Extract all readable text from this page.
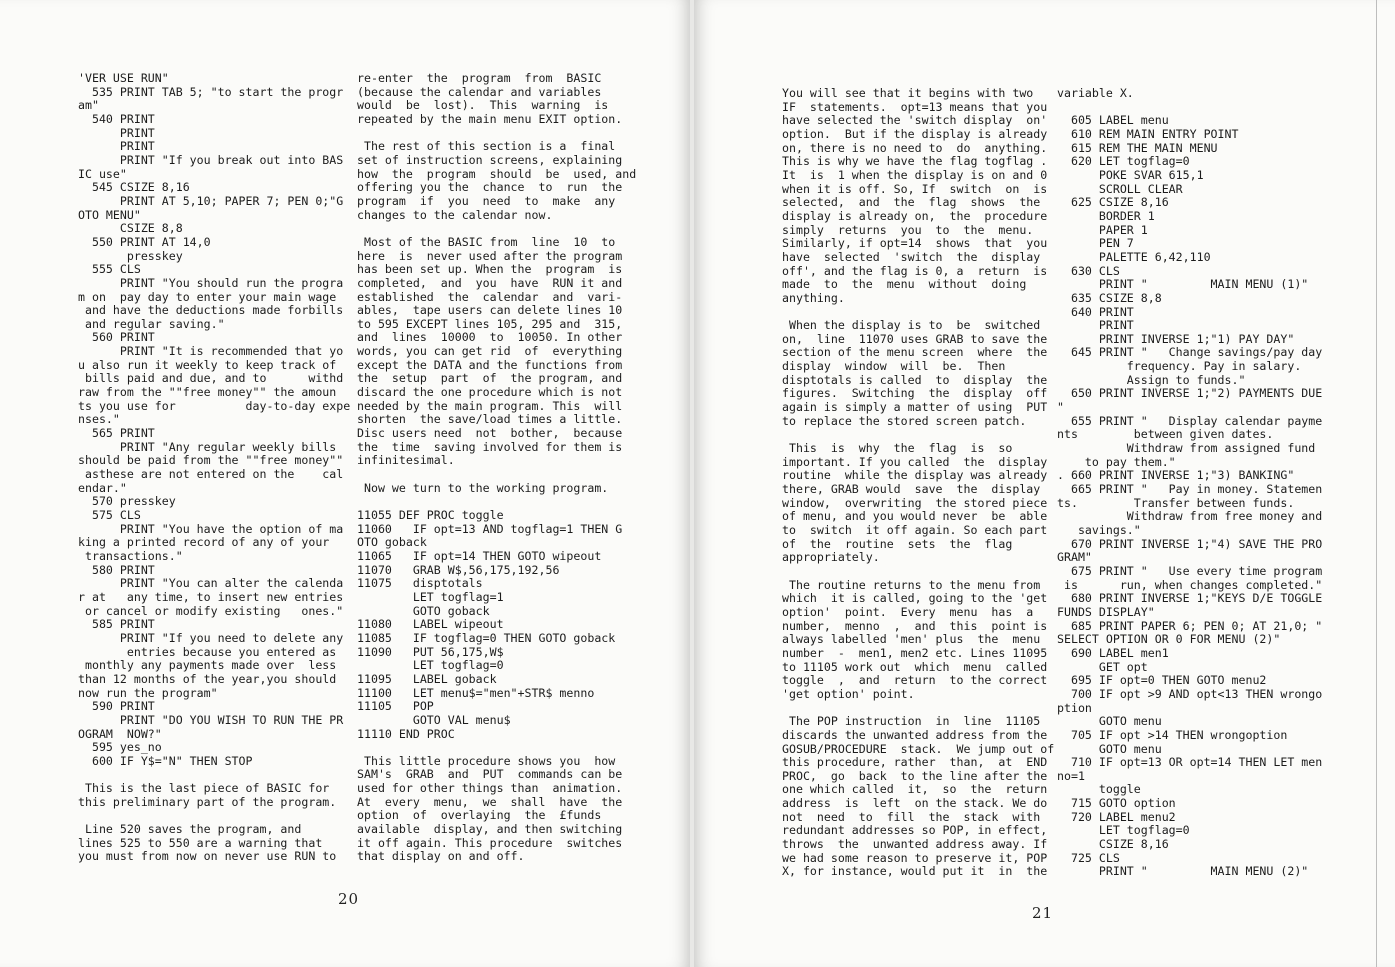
'VER USE RUN"
535 PRINT TAB 5; "to start the progr
am"
540 PRINT
PRINT
PRINT
PRINT "If you break out into BAS
IC use"
545 CSIZE 8,16
PRINT AT 5,10; PAPER 7; PEN 0;"G
OTO MENU"
CSIZE 8,8
550 PRINT AT 14,0
presskey
555 CLS
PRINT "You should run the progra
m on  pay day to enter your main wage
and have the deductions made forbills
and regular saving."
560 PRINT
PRINT "It is recommended that yo
u also run it weekly to keep track of
bills paid and due, and to      withd
raw from the ""free money"" the amoun
ts you use for          day-to-day expe
nses."
565 PRINT
PRINT "Any regular weekly bills
should be paid from the ""free money""
asthese are not entered on the    cal
endar."
570 presskey
575 CLS
PRINT "You have the option of ma
king a printed record of any of your
transactions."
580 PRINT
PRINT "You can alter the calenda
r at   any time, to insert new entries
or cancel or modify existing   ones."
585 PRINT
PRINT "If you need to delete any
entries because you entered as
monthly any payments made over  less
than 12 months of the year,you should
now run the program"
590 PRINT
PRINT "DO YOU WISH TO RUN THE PR
OGRAM  NOW?"
595 yes_no
600 IF Y$="N" THEN STOP

This is the last piece of BASIC for
this preliminary part of the program.

Line 520 saves the program, and
lines 525 to 550 are a warning that
you must from now on never use RUN to
re-enter  the  program  from  BASIC
(because the calendar and variables
would  be  lost).  This  warning  is
repeated by the main menu EXIT option.

The rest of this section is a  final
set of instruction screens, explaining
how  the  program  should  be  used, and
offering you the  chance  to  run  the
program  if  you  need  to  make  any
changes to the calendar now.

Most of the BASIC from  line  10  to
here  is  never used after the program
has been set up. When the  program  is
completed,  and  you  have  RUN it and
established  the  calendar  and  vari-
ables,  tape users can delete lines 10
to 595 EXCEPT lines 105, 295 and  315,
and  lines  10000  to  10050. In other
words, you can get rid  of  everything
except the DATA and the functions from
the  setup  part  of  the program, and
discard the one procedure which is not
needed by the main program. This  will
shorten  the save/load times a little.
Disc users need  not  bother,  because
the  time  saving involved for them is
infinitesimal.

Now we turn to the working program.

11055 DEF PROC toggle
11060   IF opt=13 AND togflag=1 THEN G
OTO goback
11065   IF opt=14 THEN GOTO wipeout
11070   GRAB W$,56,175,192,56
11075   disptotals
LET togflag=1
GOTO goback
11080   LABEL wipeout
11085   IF togflag=0 THEN GOTO goback
11090   PUT 56,175,W$
LET togflag=0
11095   LABEL goback
11100   LET menu$="men"+STR$ menno
11105   POP
GOTO VAL menu$
11110 END PROC

This little procedure shows you  how
SAM's  GRAB  and  PUT  commands can be
used for other things than  animation.
At  every  menu,  we  shall  have  the
option  of  overlaying  the  £funds
available  display, and then switching
it off again. This procedure  switches
that display on and off.
20
You will see that it begins with two
IF  statements.  opt=13 means that you
have selected the 'switch display  on'
option.  But if the display is already
on, there is no need to  do  anything.
This is why we have the flag togflag .
It  is  1 when the display is on and 0
when it is off. So, If  switch  on  is
selected,  and  the  flag  shows  the
display is already on,  the  procedure
simply  returns  you  to  the  menu.
Similarly, if opt=14  shows  that  you
have  selected  'switch  the  display
off', and the flag is 0, a  return  is
made  to  the  menu  without  doing
anything.

When the display is to  be  switched
on,  line  11070 uses GRAB to save the
section of the menu screen  where  the
display  window  will  be.  Then
disptotals is called  to  display  the
figures.  Switching  the  display  off
again is simply a matter of using  PUT
to replace the stored screen patch.

This  is  why  the  flag  is  so
important. If you called  the  display
routine  while the display was already
there, GRAB would  save  the  display
window,  overwriting  the stored piece
of menu, and you would never  be  able
to  switch  it off again. So each part
of  the  routine  sets  the  flag
appropriately.

The routine returns to the menu from
which  it is called, going to the 'get
option'  point.  Every  menu  has  a
number,  menno  ,  and  this  point is
always labelled 'men' plus  the  menu
number  -  men1, men2 etc. Lines 11095
to 11105 work out  which  menu  called
toggle  ,  and  return  to the correct
'get option' point.

The POP instruction  in  line  11105
discards the unwanted address from the
GOSUB/PROCEDURE  stack.  We jump out of
this procedure, rather  than,  at  END
PROC,  go  back  to the line after the
one which called  it,  so  the  return
address  is  left  on the stack. We do
not  need  to  fill  the  stack  with
redundant addresses so POP, in effect,
throws  the  unwanted address away. If
we had some reason to preserve it, POP
X, for instance, would put it  in  the
variable X.

605 LABEL menu
610 REM MAIN ENTRY POINT
615 REM THE MAIN MENU
620 LET togflag=0
POKE SVAR 615,1
SCROLL CLEAR
625 CSIZE 8,16
BORDER 1
PAPER 1
PEN 7
PALETTE 6,42,110
630 CLS
PRINT "         MAIN MENU (1)"
635 CSIZE 8,8
640 PRINT
PRINT
PRINT INVERSE 1;"1) PAY DAY"
645 PRINT "   Change savings/pay day
frequency. Pay in salary.
Assign to funds."
650 PRINT INVERSE 1;"2) PAYMENTS DUE
"
655 PRINT "   Display calendar payme
nts        between given dates.
Withdraw from assigned fund
to pay them."
. 660 PRINT INVERSE 1;"3) BANKING"
665 PRINT "   Pay in money. Statemen
ts.        Transfer between funds.
Withdraw from free money and
savings."
670 PRINT INVERSE 1;"4) SAVE THE PRO
GRAM"
675 PRINT "   Use every time program
is      run, when changes completed."
680 PRINT INVERSE 1;"KEYS D/E TOGGLE
FUNDS DISPLAY"
685 PRINT PAPER 6; PEN 0; AT 21,0; "
SELECT OPTION OR 0 FOR MENU (2)"
690 LABEL men1
GET opt
695 IF opt=0 THEN GOTO menu2
700 IF opt >9 AND opt<13 THEN wrongo
ption
GOTO menu
705 IF opt >14 THEN wrongoption
GOTO menu
710 IF opt=13 OR opt=14 THEN LET men
no=1
toggle
715 GOTO option
720 LABEL menu2
LET togflag=0
CSIZE 8,16
725 CLS
PRINT "         MAIN MENU (2)"
21
